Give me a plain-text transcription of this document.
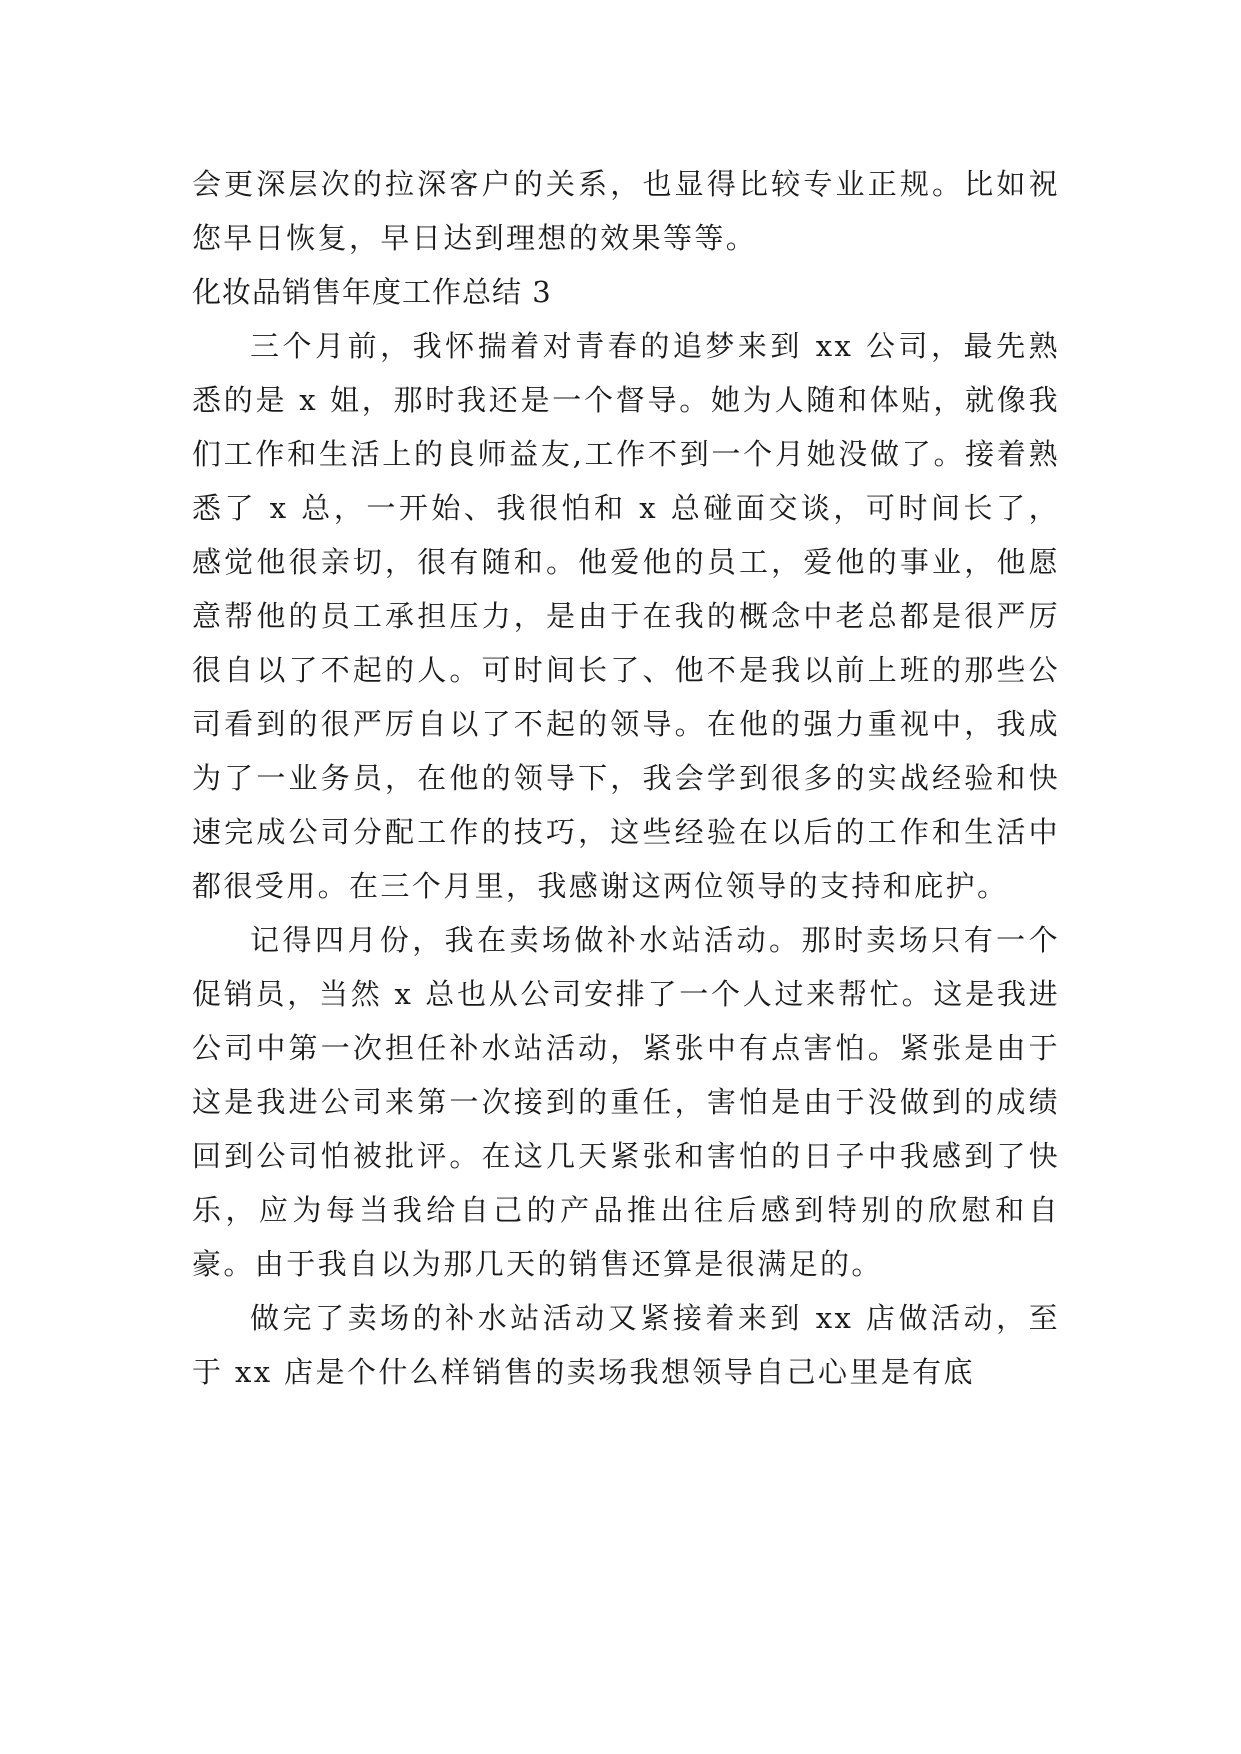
会更深层次的拉深客户的关系，也显得比较专业正规。比如祝您早日恢复，早日达到理想的效果等等。

化妆品销售年度工作总结 3

三个月前，我怀揣着对青春的追梦来到 xx 公司，最先熟悉的是 x 姐，那时我还是一个督导。她为人随和体贴，就像我们工作和生活上的良师益友,工作不到一个月她没做了。接着熟悉了 x 总，一开始、我很怕和 x 总碰面交谈，可时间长了，感觉他很亲切，很有随和。他爱他的员工，爱他的事业，他愿意帮他的员工承担压力，是由于在我的概念中老总都是很严厉很自以了不起的人。可时间长了、他不是我以前上班的那些公司看到的很严厉自以了不起的领导。在他的强力重视中，我成为了一业务员，在他的领导下，我会学到很多的实战经验和快速完成公司分配工作的技巧，这些经验在以后的工作和生活中都很受用。在三个月里，我感谢这两位领导的支持和庇护。

记得四月份，我在卖场做补水站活动。那时卖场只有一个促销员，当然 x 总也从公司安排了一个人过来帮忙。这是我进公司中第一次担任补水站活动，紧张中有点害怕。紧张是由于这是我进公司来第一次接到的重任，害怕是由于没做到的成绩回到公司怕被批评。在这几天紧张和害怕的日子中我感到了快乐，应为每当我给自己的产品推出往后感到特别的欣慰和自豪。由于我自以为那几天的销售还算是很满足的。

做完了卖场的补水站活动又紧接着来到 xx 店做活动，至于 xx 店是个什么样销售的卖场我想领导自己心里是有底
